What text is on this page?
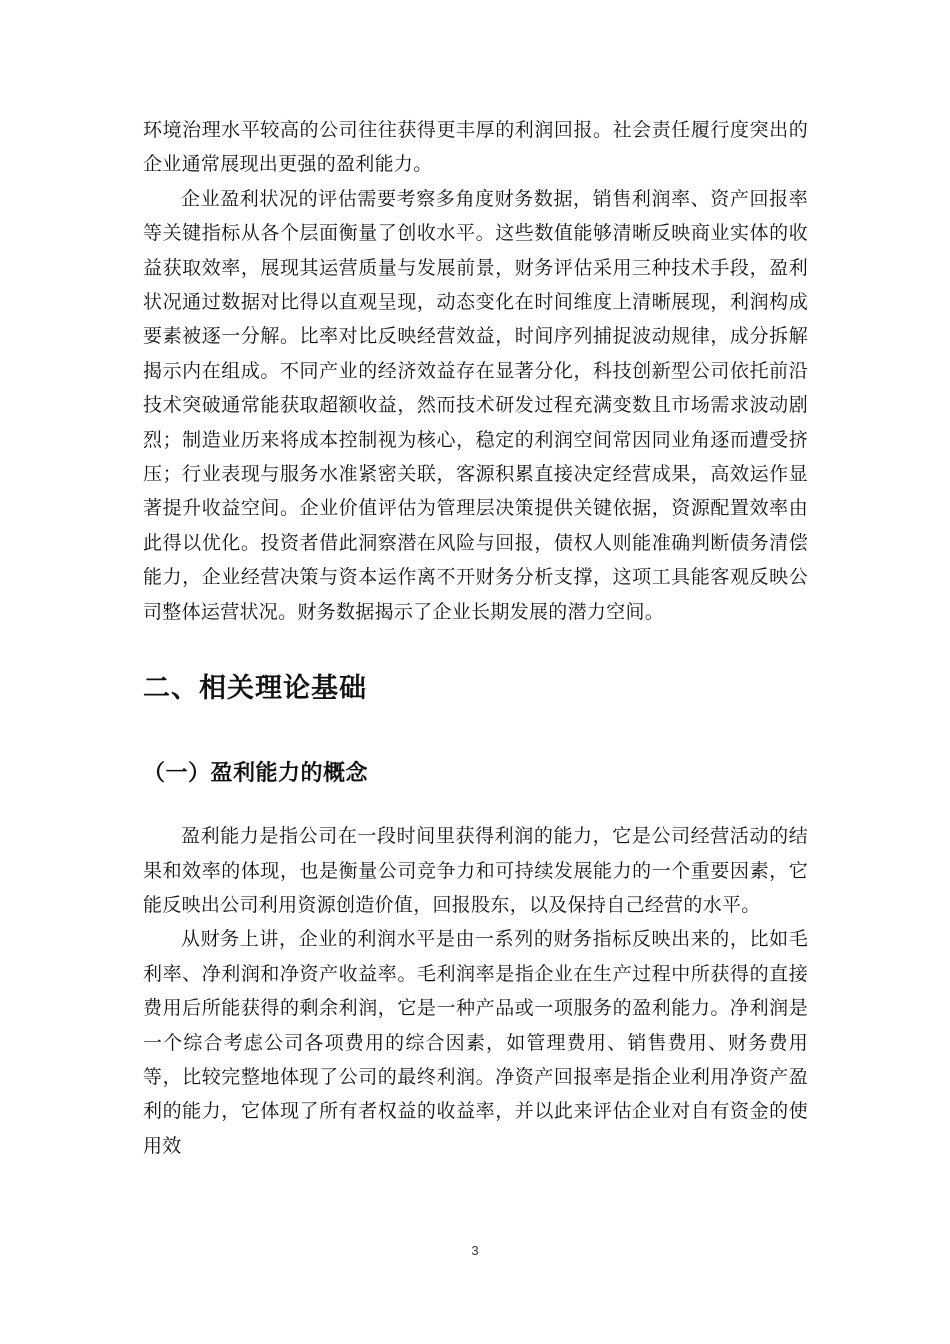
环境治理水平较高的公司往往获得更丰厚的利润回报。社会责任履行度突出的企业通常展现出更强的盈利能力。

企业盈利状况的评估需要考察多角度财务数据，销售利润率、资产回报率等关键指标从各个层面衡量了创收水平。这些数值能够清晰反映商业实体的收益获取效率，展现其运营质量与发展前景，财务评估采用三种技术手段，盈利状况通过数据对比得以直观呈现，动态变化在时间维度上清晰展现，利润构成要素被逐一分解。比率对比反映经营效益，时间序列捕捉波动规律，成分拆解揭示内在组成。不同产业的经济效益存在显著分化，科技创新型公司依托前沿技术突破通常能获取超额收益，然而技术研发过程充满变数且市场需求波动剧烈；制造业历来将成本控制视为核心，稳定的利润空间常因同业角逐而遭受挤压；行业表现与服务水准紧密关联，客源积累直接决定经营成果，高效运作显著提升收益空间。企业价值评估为管理层决策提供关键依据，资源配置效率由此得以优化。投资者借此洞察潜在风险与回报，债权人则能准确判断债务清偿能力，企业经营决策与资本运作离不开财务分析支撑，这项工具能客观反映公司整体运营状况。财务数据揭示了企业长期发展的潜力空间。

二、相关理论基础
（一）盈利能力的概念

盈利能力是指公司在一段时间里获得利润的能力，它是公司经营活动的结果和效率的体现，也是衡量公司竞争力和可持续发展能力的一个重要因素，它能反映出公司利用资源创造价值，回报股东，以及保持自己经营的水平。

从财务上讲，企业的利润水平是由一系列的财务指标反映出来的，比如毛利率、净利润和净资产收益率。毛利润率是指企业在生产过程中所获得的直接费用后所能获得的剩余利润，它是一种产品或一项服务的盈利能力。净利润是一个综合考虑公司各项费用的综合因素，如管理费用、销售费用、财务费用等，比较完整地体现了公司的最终利润。净资产回报率是指企业利用净资产盈利的能力，它体现了所有者权益的收益率，并以此来评估企业对自有资金的使用效

3
